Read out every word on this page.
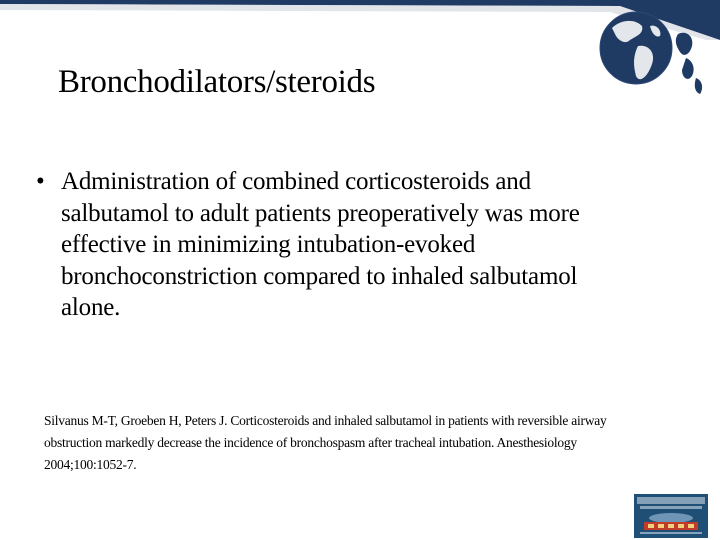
Bronchodilators/steroids
• Administration of combined corticosteroids and
salbutamol to adult patients preoperatively was more
effective in minimizing intubation-evoked
bronchoconstriction compared to inhaled salbutamol
alone.
Silvanus M-T, Groeben H, Peters J. Corticosteroids and inhaled salbutamol in patients with reversible airway
obstruction markedly decrease the incidence of bronchospasm after tracheal intubation. Anesthesiology
2004;100:1052-7.
